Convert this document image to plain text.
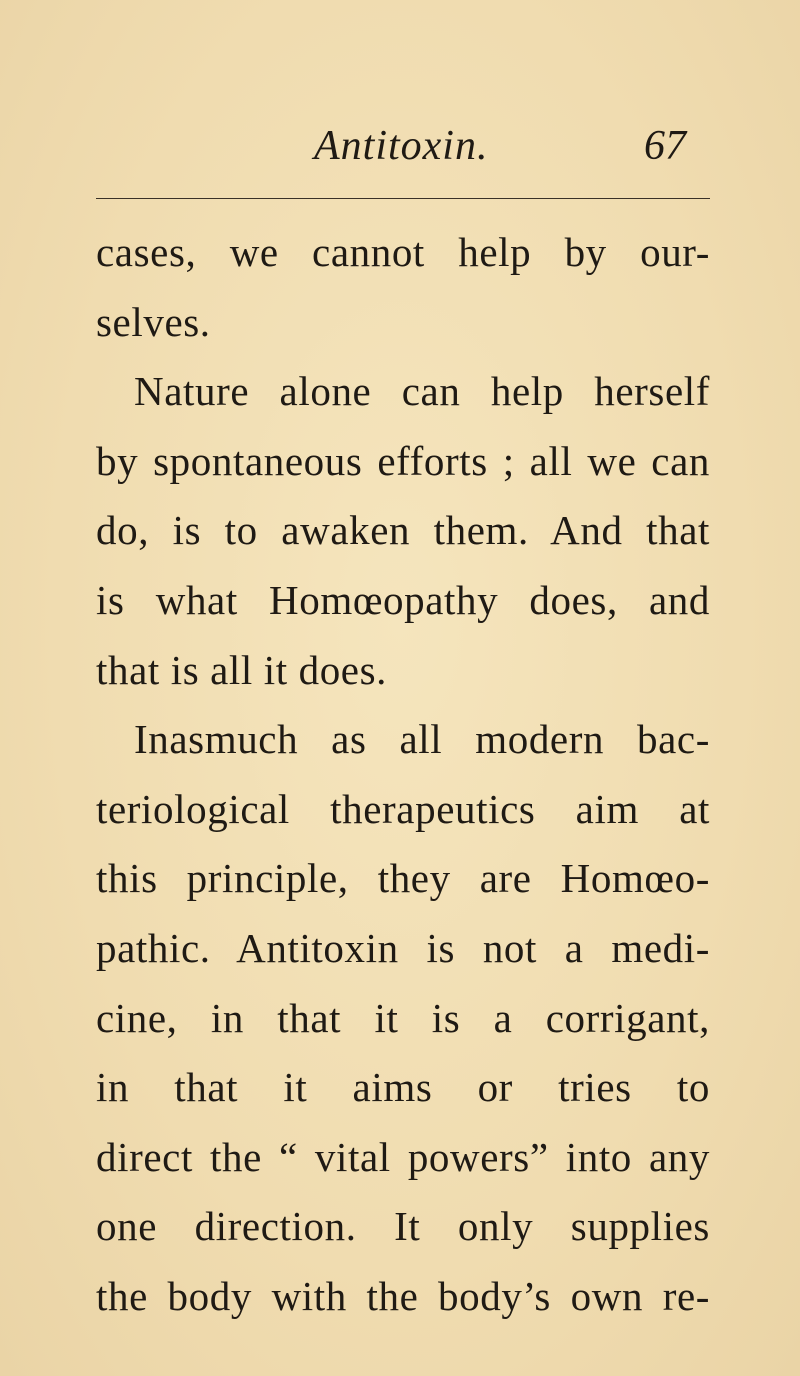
Antitoxin.	67
cases, we cannot help by our-
selves.
Nature alone can help herself
by spontaneous efforts ; all we can
do, is to awaken them. And that
is what Homœopathy does, and
that is all it does.
Inasmuch as all modern bac-
teriological therapeutics aim at
this principle, they are Homœo-
pathic. Antitoxin is not a medi-
cine, in that it is a corrigant,
in that it aims or tries to
direct the “ vital powers” into any
one direction. It only supplies
the body with the body’s own re-
